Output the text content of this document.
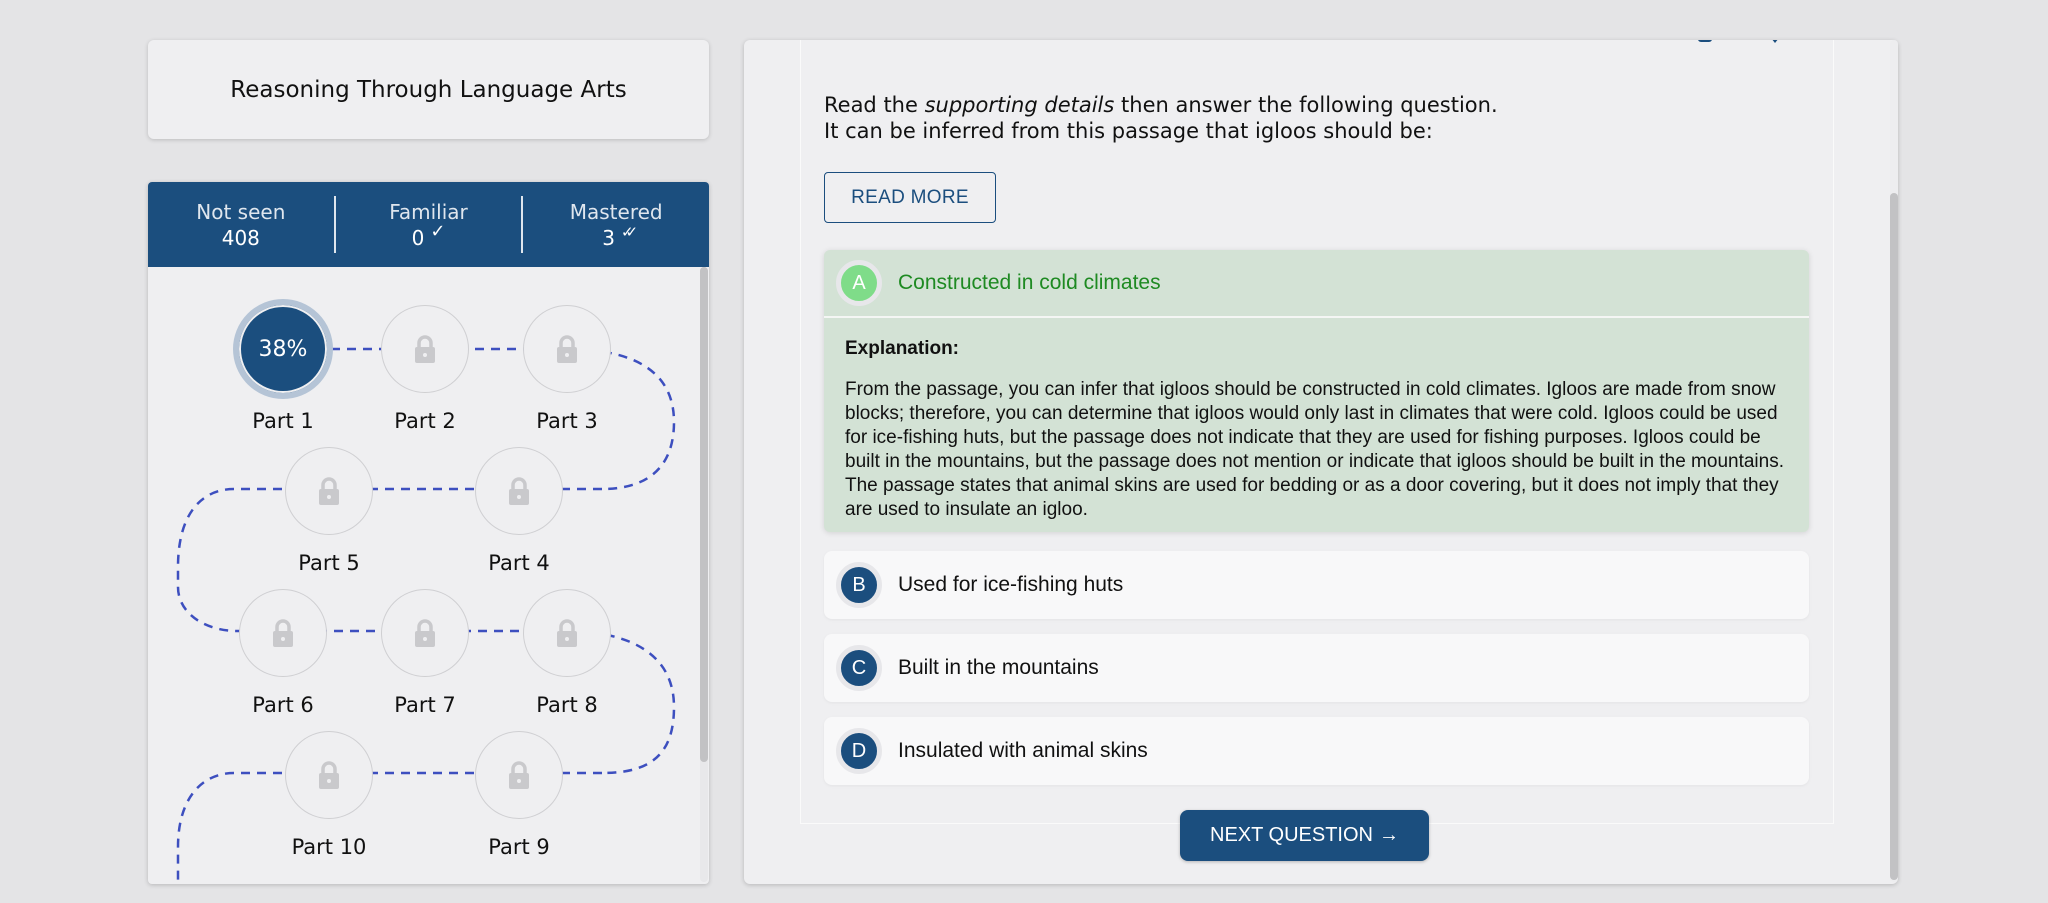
Reasoning Through Language Arts
Not seen
408
Familiar
0 ✓
Mastered
3 ✓✓
38%
Part 1	Part 2	Part 3
Part 5	Part 4
Part 6	Part 7	Part 8
Part 10	Part 9
Read the supporting details then answer the following question.
It can be inferred from this passage that igloos should be:
READ MORE
A	Constructed in cold climates
Explanation:
From the passage, you can infer that igloos should be constructed in cold climates. Igloos are made from snow blocks; therefore, you can determine that igloos would only last in climates that were cold. Igloos could be used for ice-fishing huts, but the passage does not indicate that they are used for fishing purposes. Igloos could be built in the mountains, but the passage does not mention or indicate that igloos should be built in the mountains. The passage states that animal skins are used for bedding or as a door covering, but it does not imply that they are used to insulate an igloo.
B	Used for ice-fishing huts
C	Built in the mountains
D	Insulated with animal skins
NEXT QUESTION →
